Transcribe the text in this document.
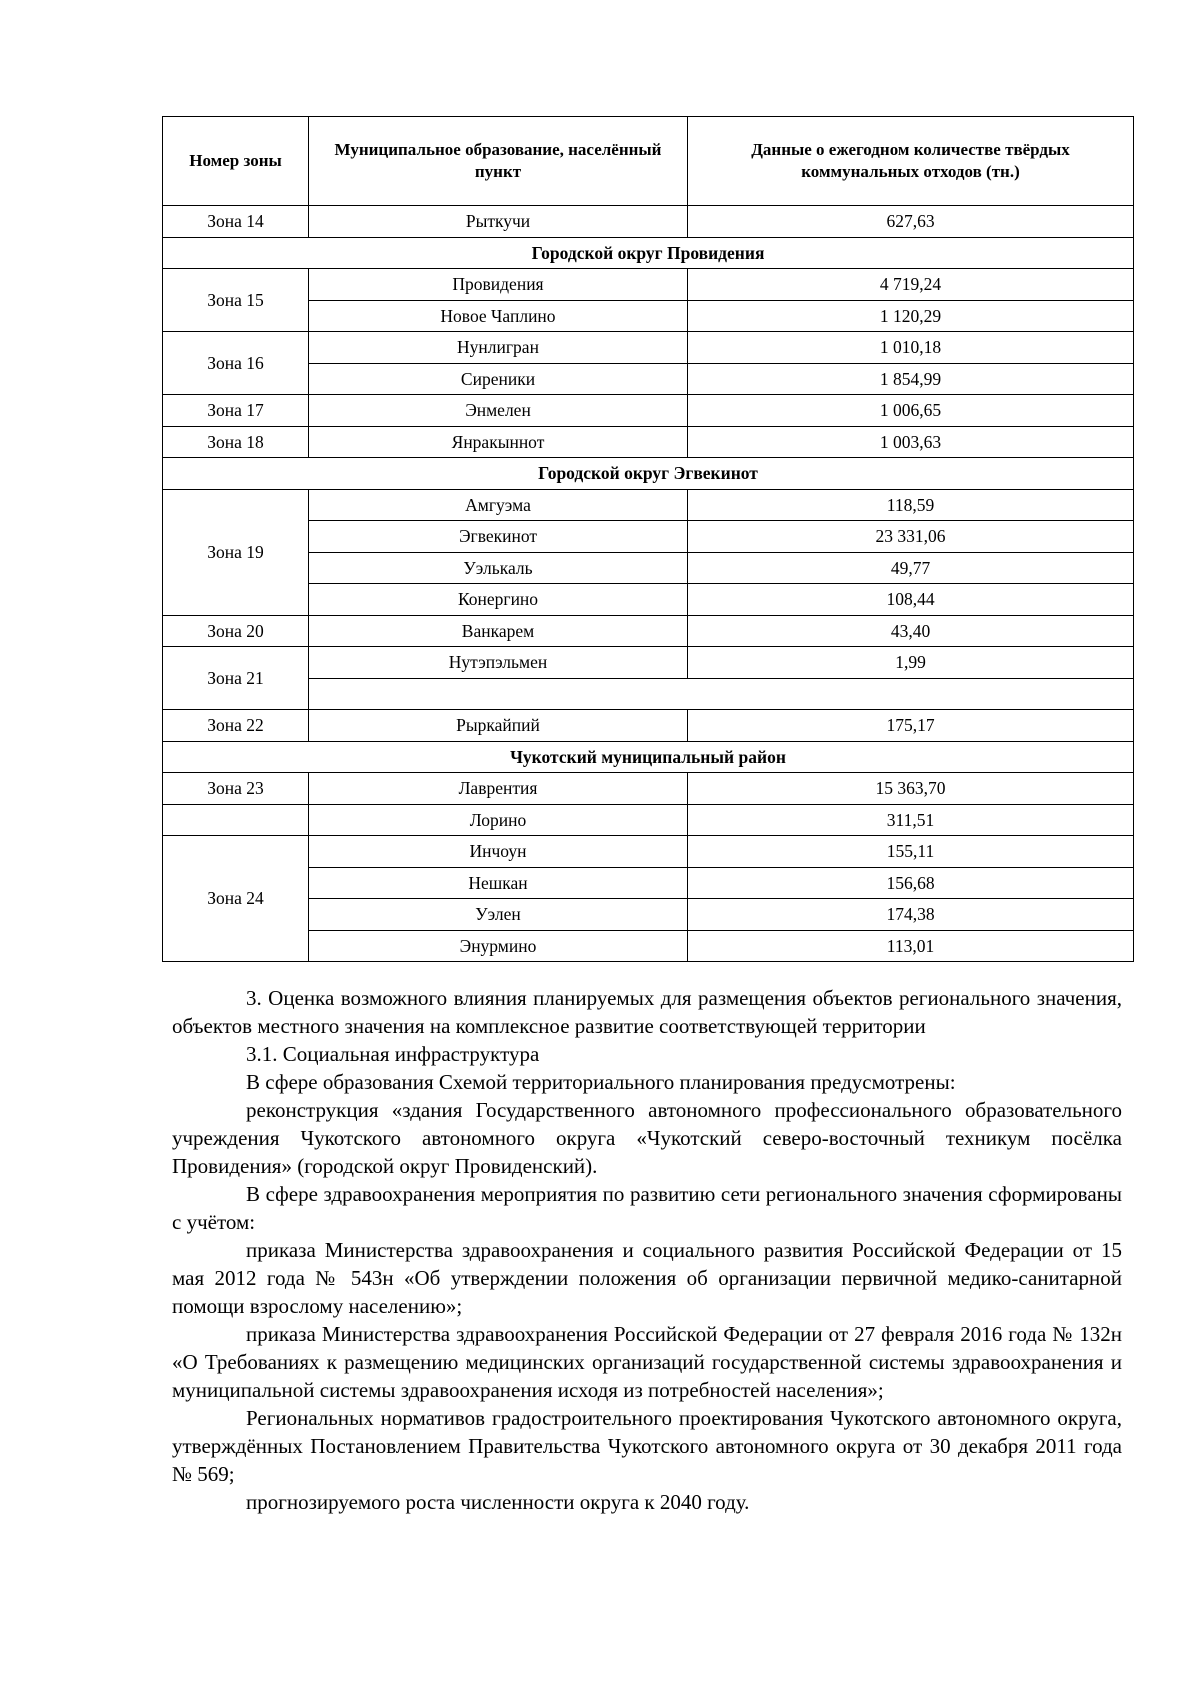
Номер зоны	Муниципальное образование, населённый пункт	Данные о ежегодном количестве твёрдых коммунальных отходов (тн.)
Зона 14	Рыткучи	627,63
Городской округ Провидения		
Зона 15	Провидения	4 719,24
	Новое Чаплино	1 120,29
Зона 16	Нунлигран	1 010,18
	Сиреники	1 854,99
Зона 17	Энмелен	1 006,65
Зона 18	Янракыннот	1 003,63
Городской округ Эгвекинот		
Зона 19	Амгуэма	118,59
	Эгвекинот	23 331,06
	Уэлькаль	49,77
	Конергино	108,44
Зона 20	Ванкарем	43,40
Зона 21	Нутэпэльмен	1,99

Зона 22	Рыркайпий	175,17
Чукотский муниципальный район		
Зона 23	Лаврентия	15 363,70
	Лорино	311,51
Зона 24	Инчоун	155,11
	Нешкан	156,68
	Уэлен	174,38
	Энурмино	113,01

3. Оценка возможного влияния планируемых для размещения объектов регионального значения, объектов местного значения на комплексное развитие соответствующей территории

3.1. Социальная инфраструктура

В сфере образования Схемой территориального планирования предусмотрены:

реконструкция «здания Государственного автономного профессионального образовательного учреждения Чукотского автономного округа «Чукотский северо-восточный техникум посёлка Провидения» (городской округ Провиденский).

В сфере здравоохранения мероприятия по развитию сети регионального значения сформированы с учётом:

приказа Министерства здравоохранения и социального развития Российской Федерации от 15 мая 2012 года № 543н «Об утверждении положения об организации первичной медико-санитарной помощи взрослому населению»;

приказа Министерства здравоохранения Российской Федерации от 27 февраля 2016 года № 132н «О Требованиях к размещению медицинских организаций государственной системы здравоохранения и муниципальной системы здравоохранения исходя из потребностей населения»;

Региональных нормативов градостроительного проектирования Чукотского автономного округа, утверждённых Постановлением Правительства Чукотского автономного округа от 30 декабря 2011 года № 569;

прогнозируемого роста численности округа к 2040 году.
